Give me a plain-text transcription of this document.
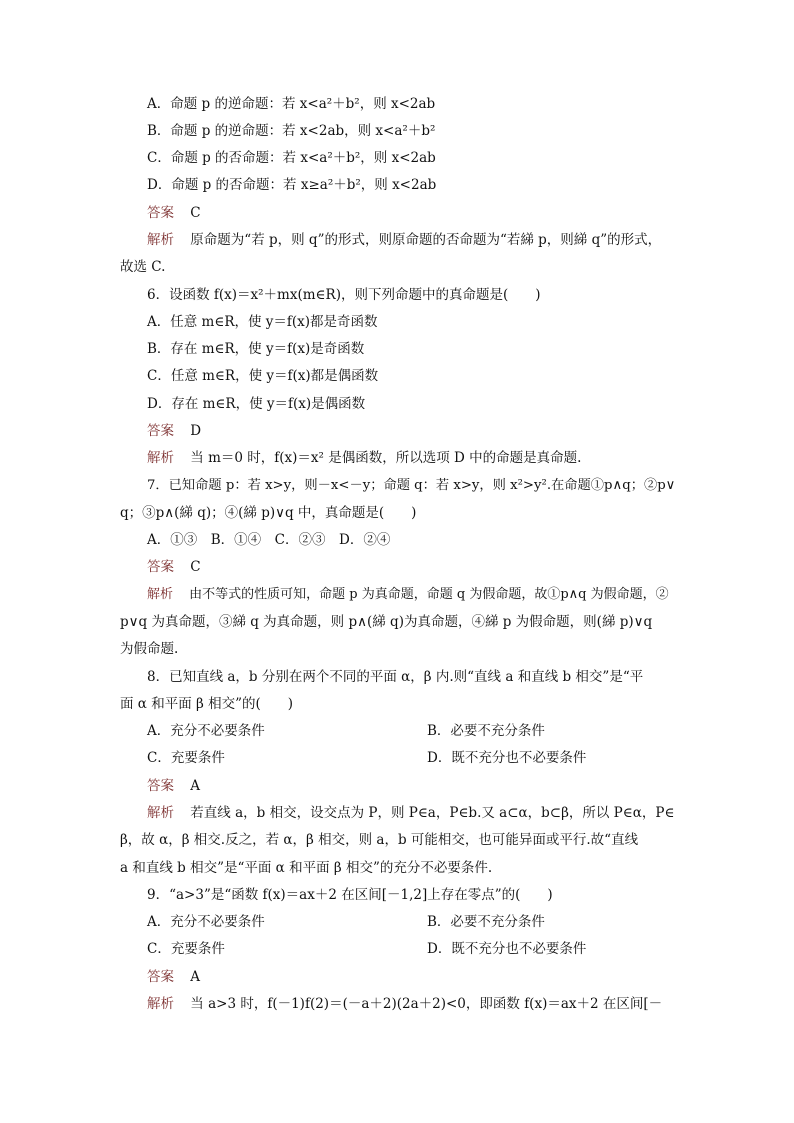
A．命题 p 的逆命题：若 x<a²＋b²，则 x<2ab
B．命题 p 的逆命题：若 x<2ab，则 x<a²＋b²
C．命题 p 的否命题：若 x<a²＋b²，则 x<2ab
D．命题 p 的否命题：若 x≥a²＋b²，则 x<2ab
答案 C
解析 原命题为“若 p，则 q”的形式，则原命题的否命题为“若綈 p，则綈 q”的形式，
故选 C.
6．设函数 f(x)＝x²＋mx(m∈R)，则下列命题中的真命题是(　　)
A．任意 m∈R，使 y＝f(x)都是奇函数
B．存在 m∈R，使 y＝f(x)是奇函数
C．任意 m∈R，使 y＝f(x)都是偶函数
D．存在 m∈R，使 y＝f(x)是偶函数
答案 D
解析 当 m＝0 时，f(x)＝x² 是偶函数，所以选项 D 中的命题是真命题.
7．已知命题 p：若 x>y，则－x<－y；命题 q：若 x>y，则 x²>y².在命题①p∧q；②p∨
q；③p∧(綈 q)；④(綈 p)∨q 中，真命题是(　　)
A．①③　B．①④　C．②③　D．②④
答案 C
解析 由不等式的性质可知，命题 p 为真命题，命题 q 为假命题，故①p∧q 为假命题，②
p∨q 为真命题，③綈 q 为真命题，则 p∧(綈 q)为真命题，④綈 p 为假命题，则(綈 p)∨q
为假命题.
8．已知直线 a，b 分别在两个不同的平面 α，β 内.则“直线 a 和直线 b 相交”是“平
面 α 和平面 β 相交”的(　　)
A．充分不必要条件	B．必要不充分条件
C．充要条件	D．既不充分也不必要条件
答案 A
解析 若直线 a，b 相交，设交点为 P，则 P∈a，P∈b.又 a⊂α，b⊂β，所以 P∈α，P∈
β，故 α，β 相交.反之，若 α，β 相交，则 a，b 可能相交，也可能异面或平行.故“直线
a 和直线 b 相交”是“平面 α 和平面 β 相交”的充分不必要条件.
9．“a>3”是“函数 f(x)＝ax＋2 在区间[－1,2]上存在零点”的(　　)
A．充分不必要条件	B．必要不充分条件
C．充要条件	D．既不充分也不必要条件
答案 A
解析 当 a>3 时，f(－1)f(2)＝(－a＋2)(2a＋2)<0，即函数 f(x)＝ax＋2 在区间[－
